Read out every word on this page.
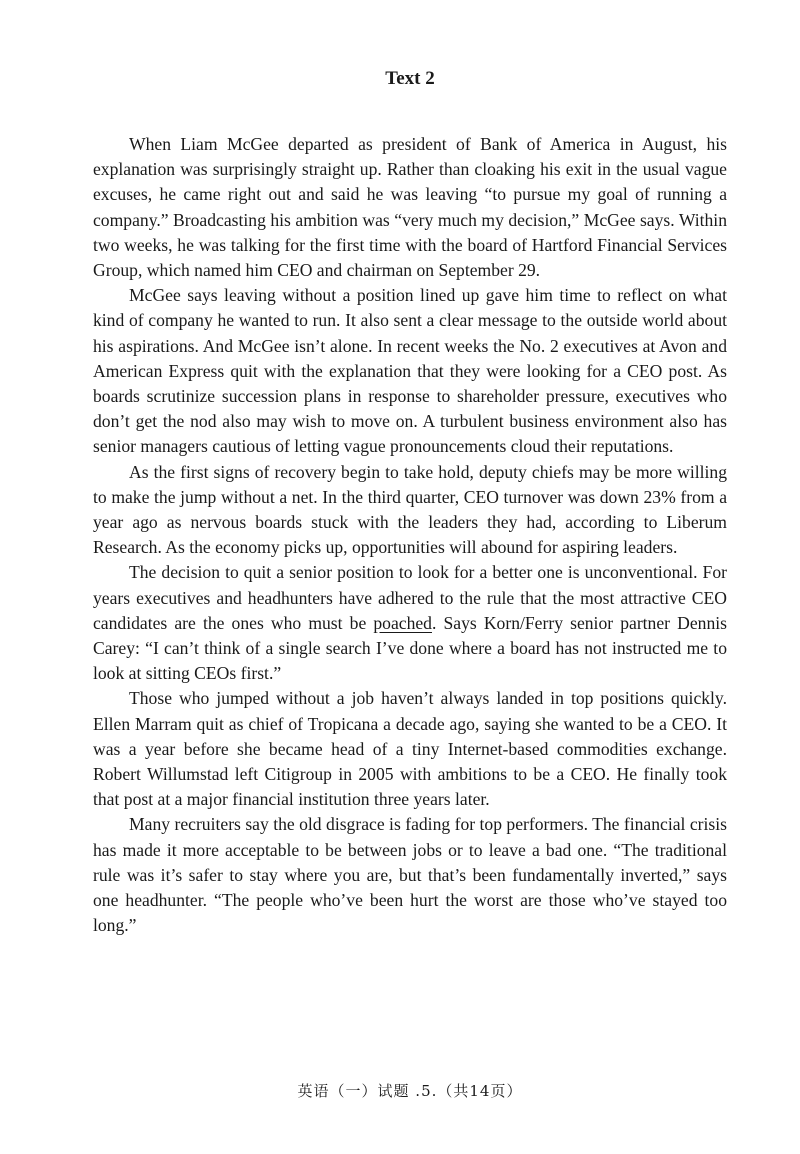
Text 2

When Liam McGee departed as president of Bank of America in August, his explanation was surprisingly straight up. Rather than cloaking his exit in the usual vague excuses, he came right out and said he was leaving “to pursue my goal of running a company.” Broadcasting his ambition was “very much my decision,” McGee says. Within two weeks, he was talking for the first time with the board of Hartford Financial Services Group, which named him CEO and chairman on September 29.

McGee says leaving without a position lined up gave him time to reflect on what kind of company he wanted to run. It also sent a clear message to the outside world about his aspirations. And McGee isn’t alone. In recent weeks the No. 2 executives at Avon and American Express quit with the explanation that they were looking for a CEO post. As boards scrutinize succession plans in response to shareholder pressure, executives who don’t get the nod also may wish to move on. A turbulent business environment also has senior managers cautious of letting vague pronouncements cloud their reputations.

As the first signs of recovery begin to take hold, deputy chiefs may be more willing to make the jump without a net. In the third quarter, CEO turnover was down 23% from a year ago as nervous boards stuck with the leaders they had, according to Liberum Research. As the economy picks up, opportunities will abound for aspiring leaders.

The decision to quit a senior position to look for a better one is unconventional. For years executives and headhunters have adhered to the rule that the most attractive CEO candidates are the ones who must be poached. Says Korn/Ferry senior partner Dennis Carey: “I can’t think of a single search I’ve done where a board has not instructed me to look at sitting CEOs first.”

Those who jumped without a job haven’t always landed in top positions quickly. Ellen Marram quit as chief of Tropicana a decade ago, saying she wanted to be a CEO. It was a year before she became head of a tiny Internet-based commodities exchange. Robert Willumstad left Citigroup in 2005 with ambitions to be a CEO. He finally took that post at a major financial institution three years later.

Many recruiters say the old disgrace is fading for top performers. The financial crisis has made it more acceptable to be between jobs or to leave a bad one. “The traditional rule was it’s safer to stay where you are, but that’s been fundamentally inverted,” says one headhunter. “The people who’ve been hurt the worst are those who’ve stayed too long.”

英语（一）试题 .5.（共14页）
